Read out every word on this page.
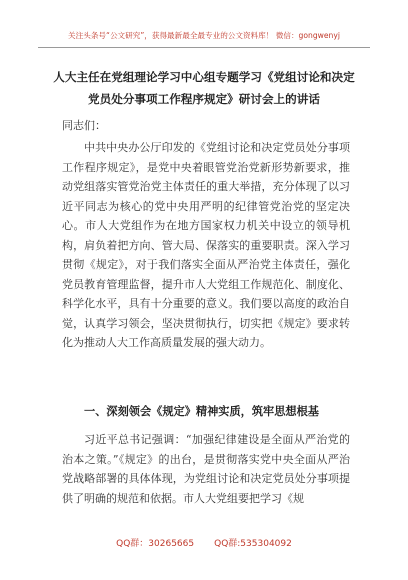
关注头条号“公文研究”，获得最新最全最专业的公文资料库！ 微信：gongwenyj
人大主任在党组理论学习中心组专题学习《党组讨论和决定党员处分事项工作程序规定》研讨会上的讲话
同志们：

中共中央办公厅印发的《党组讨论和决定党员处分事项工作程序规定》，是党中央着眼管党治党新形势新要求，推动党组落实管党治党主体责任的重大举措，充分体现了以习近平同志为核心的党中央用严明的纪律管党治党的坚定决心。市人大党组作为在地方国家权力机关中设立的领导机构，肩负着把方向、管大局、保落实的重要职责。深入学习贯彻《规定》，对于我们落实全面从严治党主体责任，强化党员教育管理监督，提升市人大党组工作规范化、制度化、科学化水平，具有十分重要的意义。我们要以高度的政治自觉，认真学习领会，坚决贯彻执行，切实把《规定》要求转化为推动人大工作高质量发展的强大动力。

一、深刻领会《规定》精神实质，筑牢思想根基

习近平总书记强调：“加强纪律建设是全面从严治党的治本之策。”《规定》的出台，是贯彻落实党中央全面从严治党战略部署的具体体现，为党组讨论和决定党员处分事项提供了明确的规范和依据。市人大党组要把学习《规

QQ群：30265665 QQ群:535304092
